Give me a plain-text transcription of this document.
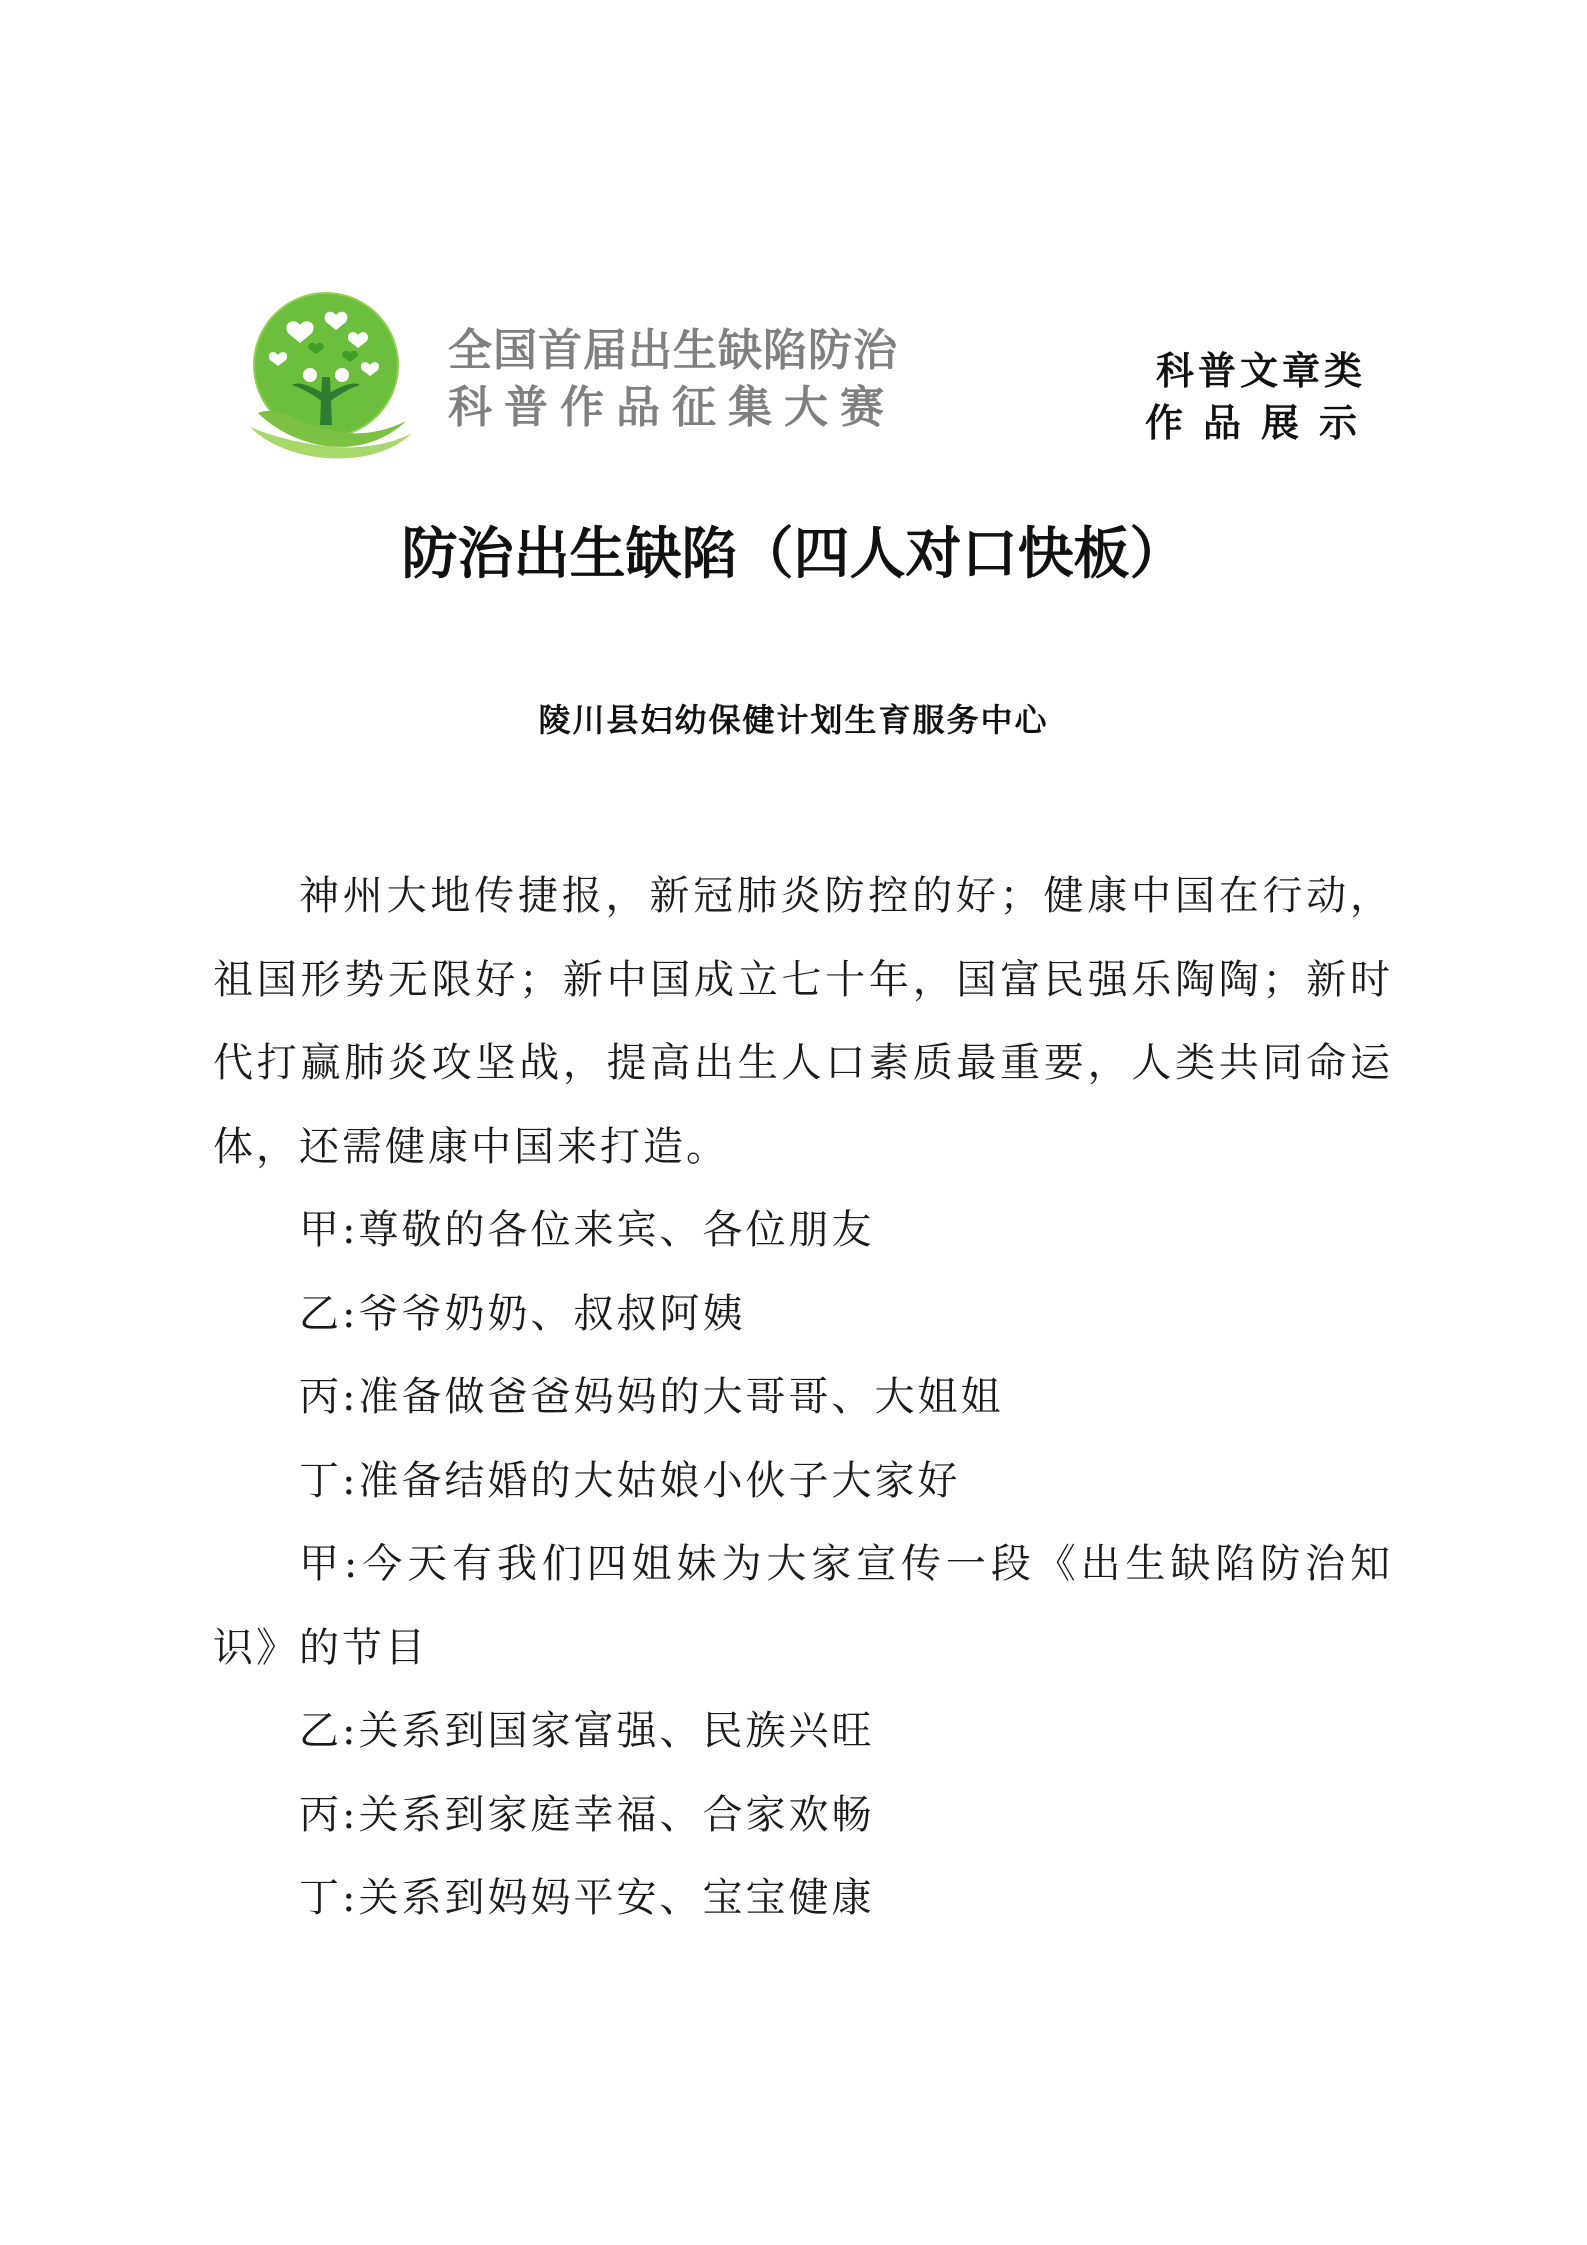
全国首届出生缺陷防治
科普作品征集大赛
科普文章类
作品展示
防治出生缺陷（四人对口快板）
陵川县妇幼保健计划生育服务中心

神州大地传捷报，新冠肺炎防控的好；健康中国在行动，祖国形势无限好；新中国成立七十年，国富民强乐陶陶；新时代打赢肺炎攻坚战，提高出生人口素质最重要，人类共同命运体，还需健康中国来打造。

甲:尊敬的各位来宾、各位朋友

乙:爷爷奶奶、叔叔阿姨

丙:准备做爸爸妈妈的大哥哥、大姐姐

丁:准备结婚的大姑娘小伙子大家好

甲:今天有我们四姐妹为大家宣传一段《出生缺陷防治知识》的节目

乙:关系到国家富强、民族兴旺

丙:关系到家庭幸福、合家欢畅

丁:关系到妈妈平安、宝宝健康
